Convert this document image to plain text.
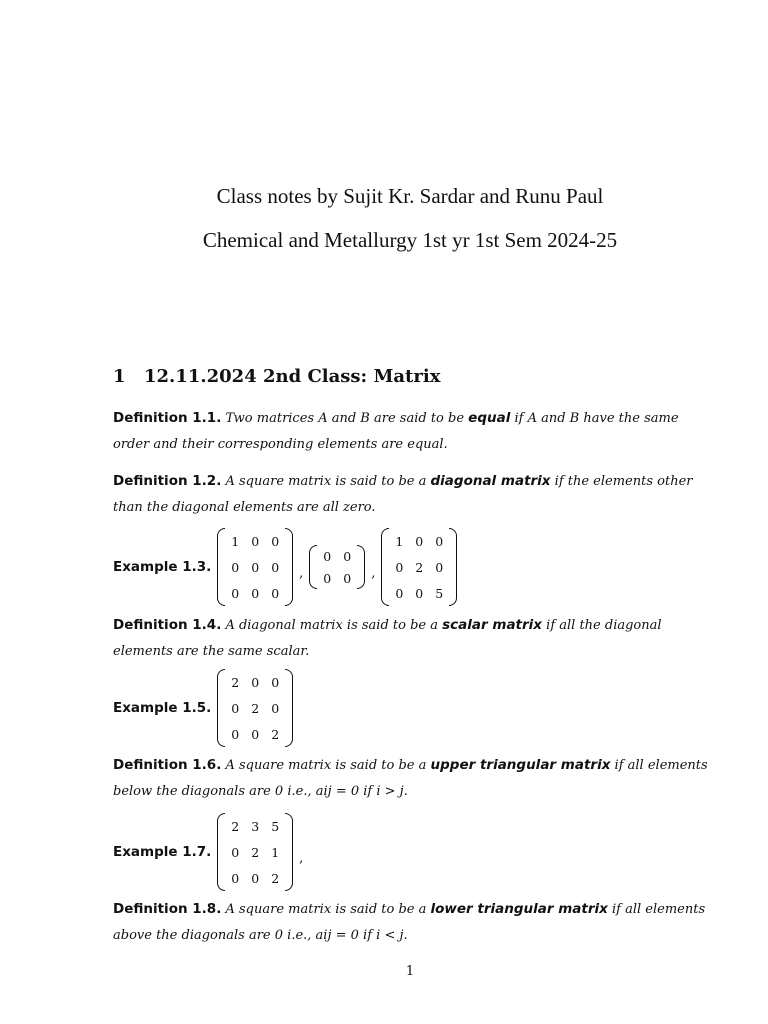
Class notes by Sujit Kr. Sardar and Runu Paul
Chemical and Metallurgy 1st yr 1st Sem 2024-25
1 12.11.2024 2nd Class: Matrix
Definition 1.1. Two matrices A and B are said to be equal if A and B have the same order and their corresponding elements are equal.
Definition 1.2. A square matrix is said to be a diagonal matrix if the elements other than the diagonal elements are all zero.
Example 1.3.
1	0	0
0	0	0
0	0	0
,
0	0
0	0 ,
1	0	0
0	2	0
0	0	5
Definition 1.4. A diagonal matrix is said to be a scalar matrix if all the diagonal elements are the same scalar.
Example 1.5.
2	0	0
0	2	0
0	0	2
Definition 1.6. A square matrix is said to be a upper triangular matrix if all elements below the diagonals are 0 i.e., aij = 0 if i > j.
Example 1.7.
2	3	5
0	2	1
0	0	2
,
Definition 1.8. A square matrix is said to be a lower triangular matrix if all elements above the diagonals are 0 i.e., aij = 0 if i < j.
1
